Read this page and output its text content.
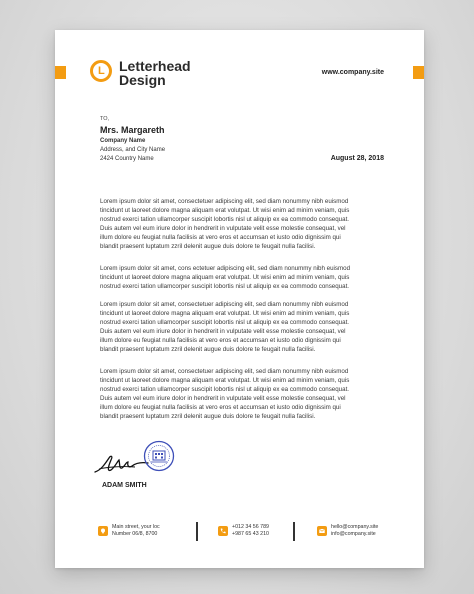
L Letterhead
Design	www.company.site
TO,
Mrs. Margareth
Company Name
Address, and City Name
2424 Country Name	August 28, 2018
Lorem ipsum dolor sit amet, consectetuer adipiscing elit, sed diam nonummy nibh euismod
tincidunt ut laoreet dolore magna aliquam erat volutpat. Ut wisi enim ad minim veniam, quis
nostrud exerci tation ullamcorper suscipit lobortis nisl ut aliquip ex ea commodo consequat.
Duis autem vel eum iriure dolor in hendrerit in vulputate velit esse molestie consequat, vel
illum dolore eu feugiat nulla facilisis at vero eros et accumsan et iusto odio dignissim qui
blandit praesent luptatum zzril delenit augue duis dolore te feugait nulla facilisi.
Lorem ipsum dolor sit amet, cons ectetuer adipiscing elit, sed diam nonummy nibh euismod
tincidunt ut laoreet dolore magna aliquam erat volutpat. Ut wisi enim ad minim veniam, quis
nostrud exerci tation ullamcorper suscipit lobortis nisl ut aliquip ex ea commodo consequat.
Lorem ipsum dolor sit amet, consectetuer adipiscing elit, sed diam nonummy nibh euismod
tincidunt ut laoreet dolore magna aliquam erat volutpat. Ut wisi enim ad minim veniam, quis
nostrud exerci tation ullamcorper suscipit lobortis nisl ut aliquip ex ea commodo consequat.
Duis autem vel eum iriure dolor in hendrerit in vulputate velit esse molestie consequat, vel
illum dolore eu feugiat nulla facilisis at vero eros et accumsan et iusto odio dignissim qui
blandit praesent luptatum zzril delenit augue duis dolore te feugait nulla facilisi.
Lorem ipsum dolor sit amet, consectetuer adipiscing elit, sed diam nonummy nibh euismod
tincidunt ut laoreet dolore magna aliquam erat volutpat. Ut wisi enim ad minim veniam, quis
nostrud exerci tation ullamcorper suscipit lobortis nisl ut aliquip ex ea commodo consequat.
Duis autem vel eum iriure dolor in hendrerit in vulputate velit esse molestie consequat, vel
illum dolore eu feugiat nulla facilisis at vero eros et accumsan et iusto odio dignissim qui
blandit praesent luptatum zzril delenit augue duis dolore te feugait nulla facilisi.
ADAM SMITH
Main street, your loc
Number 06/8, 8700
+012 34 56 789
+987 65 43 210
hello@company.site
info@company.site
